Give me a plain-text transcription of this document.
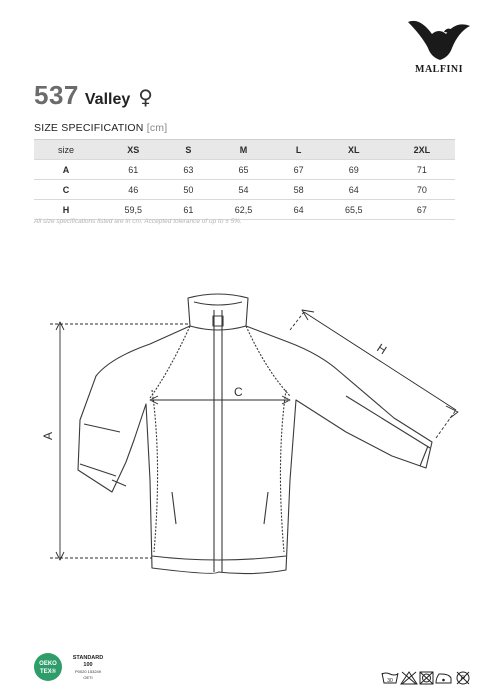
MALFINI
537 Valley ♀
SIZE SPECIFICATION [cm]
size	XS	S	M	L	XL	2XL
A	61	63	65	67	69	71
C	46	50	54	58	64	70
H	59,5	61	62,5	64	65,5	67
All size specifications listed are in cm. Accepted tolerance of up to ± 5%.
A
C
H
OEKO
TEX®
STANDARD
100
P0020 153249
OETI
30	P
